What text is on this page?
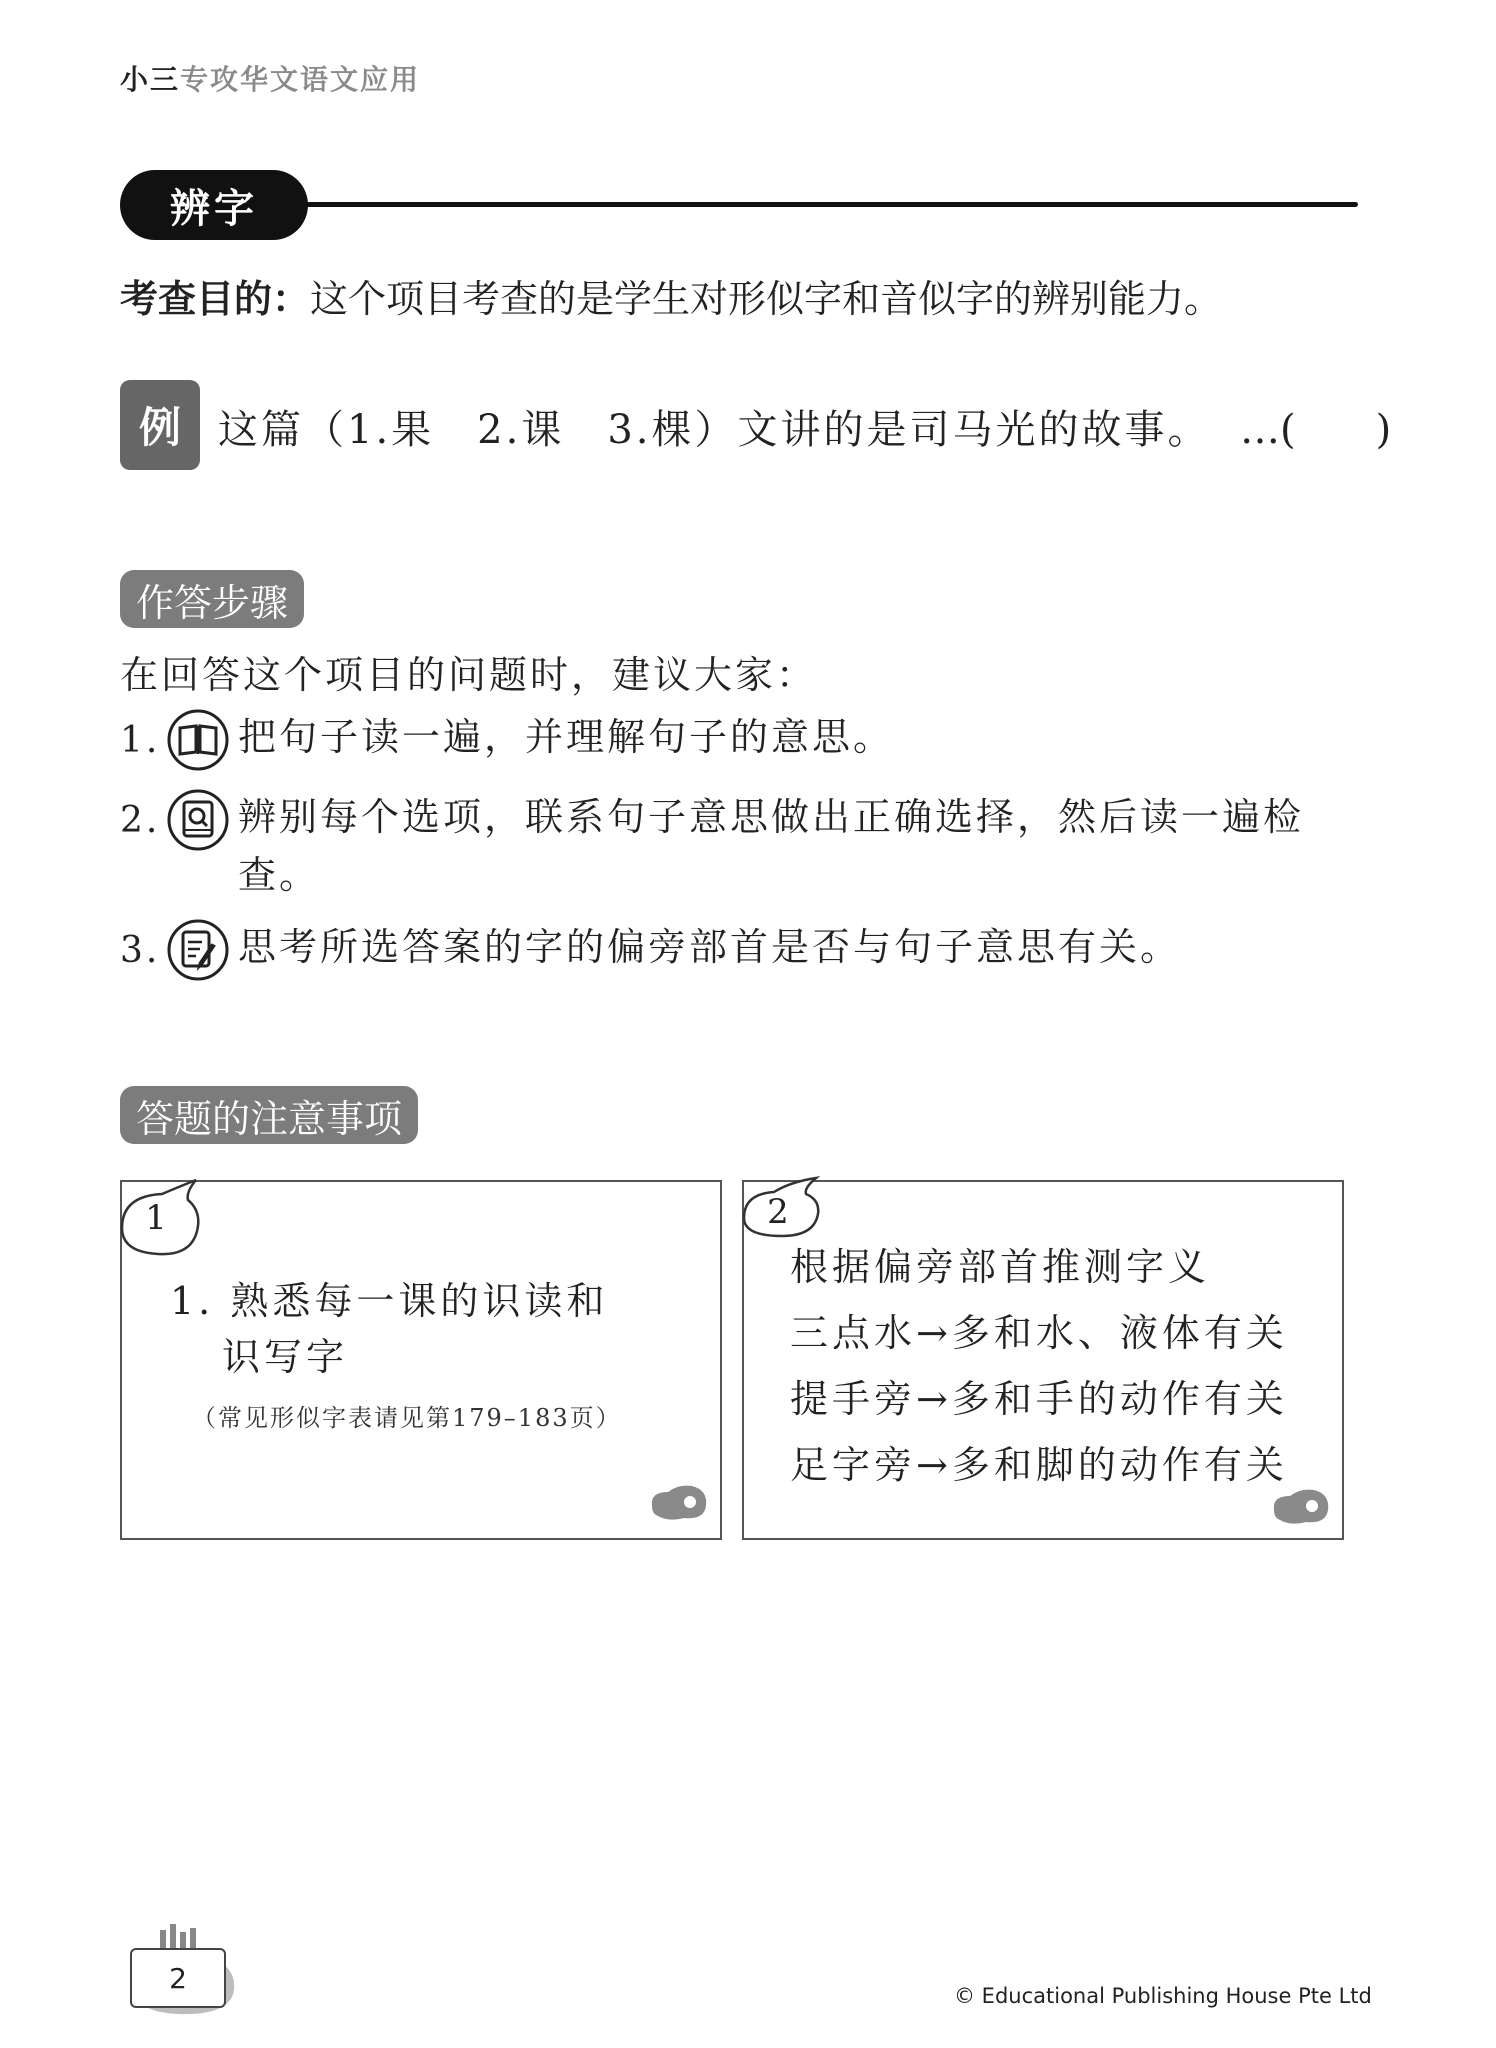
小三专攻华文语文应用
辨字
考查目的：这个项目考查的是学生对形似字和音似字的辨别能力。
例 这篇（1.果　2.课　3.棵）文讲的是司马光的故事。 …(　　)
作答步骤
在回答这个项目的问题时，建议大家：
1. 把句子读一遍，并理解句子的意思。
2. 辨别每个选项，联系句子意思做出正确选择，然后读一遍检查。
3. 思考所选答案的字的偏旁部首是否与句子意思有关。
答题的注意事项
1
1. 熟悉每一课的识读和
识写字
（常见形似字表请见第179–183页）
2
根据偏旁部首推测字义
三点水→多和水、液体有关
提手旁→多和手的动作有关
足字旁→多和脚的动作有关
2
© Educational Publishing House Pte Ltd
